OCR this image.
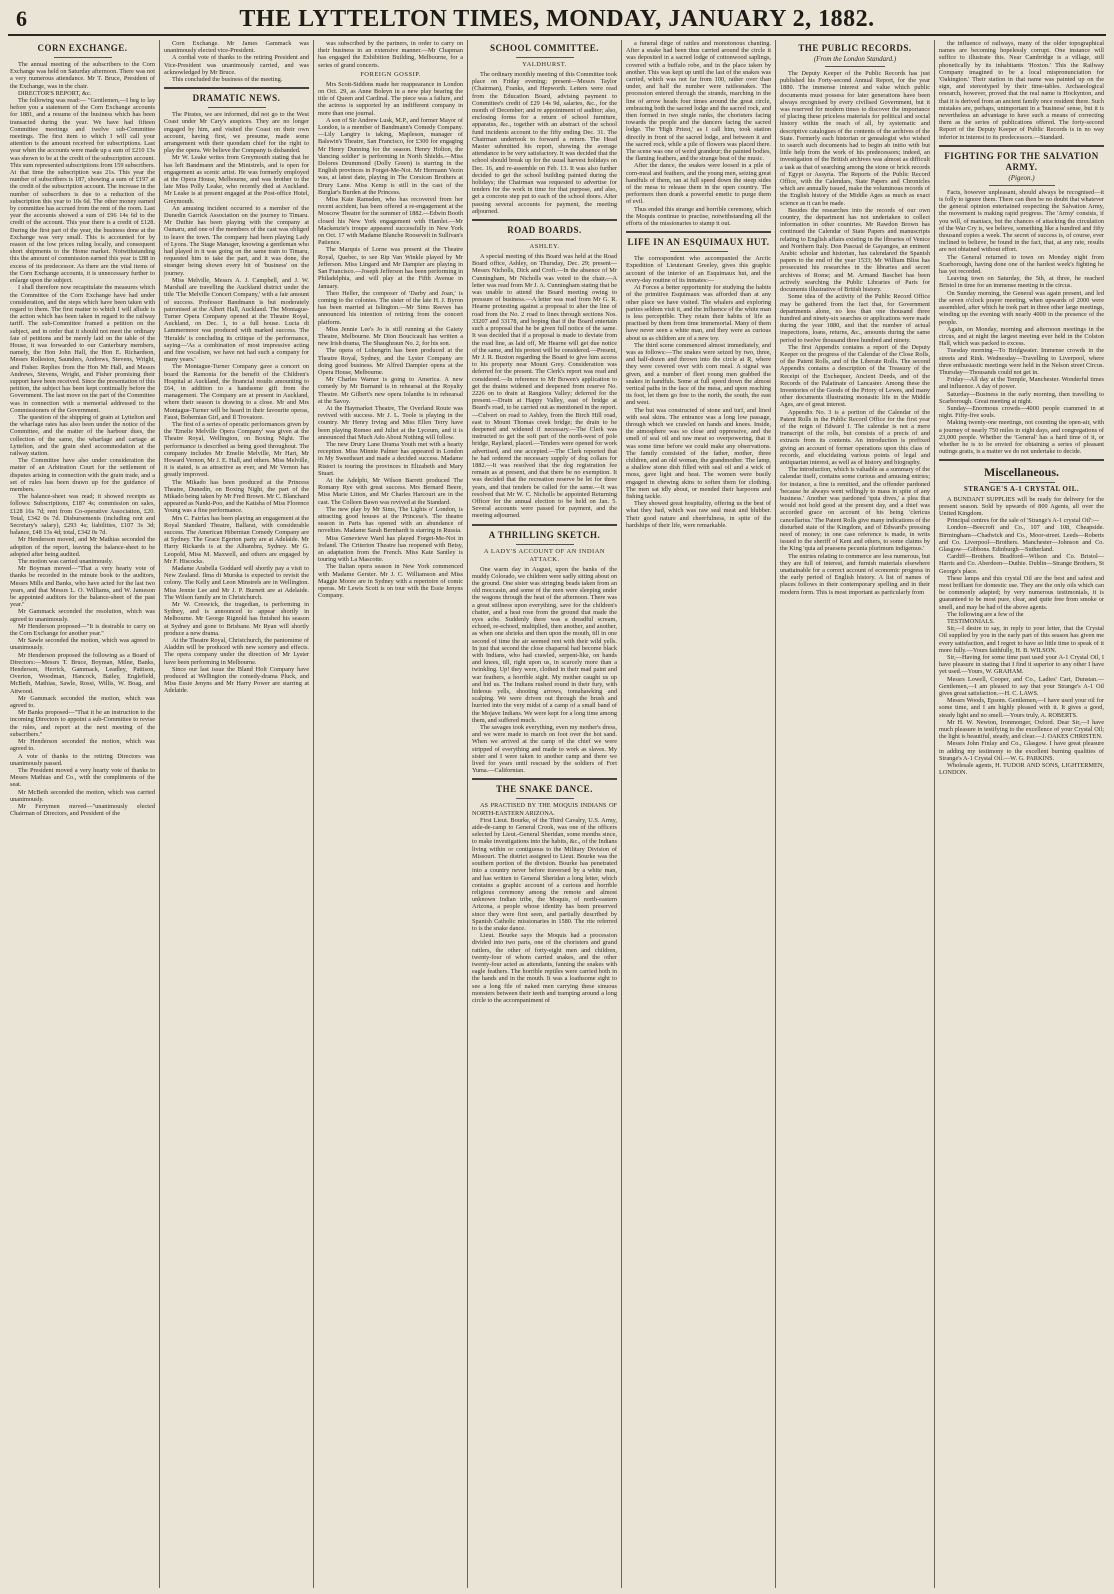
6	THE LYTTELTON TIMES, MONDAY, JANUARY 2, 1882.
CORN EXCHANGE.

The annual meeting of the subscribers to the Corn Exchange was held on Saturday afternoon. There was not a very numerous attendance. Mr T. Bruce, President of the Exchange, was in the chair.

DIRECTOR'S REPORT, &c.

The following was read:— "Gentlemen,—I beg to lay before you a statement of the Corn Exchange accounts for 1881, and a resume of the business which has been transacted during the year. We have had fifteen Committee meetings and twelve sub-Committee meetings. The first item to which I will call your attention is the amount received for subscriptions. Last year when the accounts were made up a sum of £210 13s was shown to be at the credit of the subscription account. This sum represented subscriptions from 159 subscribers. At that time the subscription was 21s. This year the number of subscribers is 187, showing a sum of £197 at the credit of the subscription account. The increase in the number of subscribers is due to a reduction of the subscription this year to 10s 6d. The other money earned by committee has accrued from the rent of the room. Last year the accounts showed a sum of £96 14s 6d to the credit of the account. This year there is a credit of £128. During the first part of the year, the business done at the Exchange was very small. This is accounted for by reason of the low prices ruling locally, and consequent short shipments to the Home market. Notwithstanding this the amount of commission earned this year is £88 in excess of its predecessor. As there are the vital items of the Corn Exchange accounts, it is unnecessary further to enlarge upon the subject.

I shall therefore now recapitulate the measures which the Committee of the Corn Exchange have had under consideration, and the steps which have been taken with regard to them. The first matter to which I will allude is the action which has been taken in regard to the railway tariff. The sub-Committee framed a petition on the subject, and in order that it should not meet the ordinary fate of petitions and be merely laid on the table of the House, it was forwarded to our Canterbury members, namely, the Hon John Hall, the Hon E. Richardson, Messrs Rolleston, Saunders, Andrews, Stevens, Wright, and Fisher. Replies from the Hon Mr Hall, and Messrs Andrews, Stevens, Wright, and Fisher promising their support have been received. Since the presentation of this petition, the subject has been kept continually before the Government. The last move on the part of the Committee was in connection with a memorial addressed to the Commissioners of the Government.

The question of the shipping of grain at Lyttelton and the wharfage rates has also been under the notice of the Committee, and the matter of the harbour dues, the collection of the same, the wharfage and cartage at Lyttelton, and the grain shed accommodation at the railway station.

The Committee have also under consideration the matter of an Arbitration Court for the settlement of disputes arising in connection with the grain trade, and a set of rules has been drawn up for the guidance of members.

The balance-sheet was read; it showed receipts as follows: Subscriptions, £187 4s; commission on sales, £128 16s 7d; rent from Co-operative Association, £20. Total, £342 0s 7d. Disbursements (including rent and Secretary's salary), £293 4s; liabilities, £107 3s 3d; balance, £48 13s 4d; total, £342 0s 7d.

Mr Henderson moved, and Mr Mathias seconded the adoption of the report, leaving the balance-sheet to be adopted after being audited.

The motion was carried unanimously.

Mr Boyman moved—"That a very hearty vote of thanks be recorded in the minute book to the auditors, Messrs Mills and Banks, who have acted for the last two years, and that Messrs L. O. Williams, and W. Jameson be appointed auditors for the balance-sheet of the past year."

Mr Gammack seconded the resolution, which was agreed to unanimously.

Mr Henderson proposed—"It is desirable to carry on the Corn Exchange for another year."

Mr Sawle seconded the motion, which was agreed to unanimously.

Mr Henderson proposed the following as a Board of Directors:—Messrs T. Bruce, Boyman, Milne, Banks, Henderson, Herrick, Gammack, Leadley, Pattison, Overton, Woodman, Hancock, Bailey, Englefield, McBeth, Mathias, Sawle, Rossi, Willis, W. Boag, and Attwood.

Mr Gammack seconded the motion, which was agreed to.

Mr Banks proposed—"That it be an instruction to the incoming Directors to appoint a sub-Committee to revise the rules, and report at the next meeting of the subscribers."

Mr Henderson seconded the motion, which was agreed to.

A vote of thanks to the retiring Directors was unanimously passed.

The President moved a very hearty vote of thanks to Messrs Mathias and Co., with the compliments of the seat.

Mr McBeth seconded the motion, which was carried unanimously.

Mr Ferrymen moved—"unanimously elected Chairman of Directors, and President of the

Corn Exchange. Mr James Gammack was unanimously elected vice-President.

A cordial vote of thanks to the retiring President and Vice-President was unanimously carried, and was acknowledged by Mr Bruce.

This concluded the business of the meeting.

DRAMATIC NEWS.

The Pirates, we are informed, did not go to the West Coast under Mr Cary's auspices. They are no longer engaged by him, and visited the Coast on their own account, having first, we presume, made some arrangement with their quondam chief for the right to play the opera. We believe the Company is disbanded.

Mr W. Leake writes from Greymouth stating that he has left Bandmann and the Ministrels, and is open for engagement as scenic artist. He was formerly employed at the Opera House, Melbourne, and was brother to the late Miss Polly Leake, who recently died at Auckland. Mr Leake is at present engaged at the Post-office Hotel, Greymouth.

An amusing incident occurred to a member of the Dunedin Garrick Association on the journey to Timaru. Mr Duthie has been playing with the company at Oamaru, and one of the members of the cast was obliged to leave the town. The company had been playing Lady of Lyons. The Stage Manager, knowing a gentleman who had played in it was going on the same train to Timaru, requested him to take the part, and it was done, the stranger being shown every bit of 'business' on the journey.

Miss Melville, Messrs A. J. Campbell, and J. W. Marshall are travelling the Auckland district under the title 'The Melville Concert Company,' with a fair amount of success. Professor Bandmann is but moderately patronised at the Albert Hall, Auckland. The Montague-Turner Opera Company opened at the Theatre Royal, Auckland, on Dec. 1, to a full house. Lucia di Lammermoor was produced with marked success. The 'Heralds' is concluding its critique of the performance, saying—'As a combination of most impressive acting and fine vocalism, we have not had such a company for many years.'

The Montague-Turner Company gave a concert on board the Ramonia for the benefit of the Children's Hospital at Auckland, the financial results amounting to £64, in addition to a handsome gift from the management. The Company are at present in Auckland, where their season is drawing to a close. Mr and Mrs Montague-Turner will be heard in their favourite operas, Faust, Bohemian Girl, and Il Trovatore.

The first of a series of operatic performances given by the 'Emelie Melville Opera Company' was given at the Theatre Royal, Wellington, on Boxing Night. The performance is described as being good throughout. The company includes Mr Emelie Melville, Mr Hart, Mr Howard Vernon, Mr J. E. Hall, and others. Miss Melville, it is stated, is as attractive as ever, and Mr Vernon has greatly improved.

The Mikado has been produced at the Princess Theatre, Dunedin, on Boxing Night, the part of the Mikado being taken by Mr Fred Brown. Mr C. Blanchard appeared as Nanki-Poo, and the Katisha of Miss Florence Young was a fine performance.

Mrs C. Fairfax has been playing an engagement at the Royal Standard Theatre, Ballarat, with considerable success. The American Hibernian Comedy Company are at Sydney. The Grace Egerton party are at Adelaide. Mr Harry Rickards is at the Alhambra, Sydney. Mr G. Leopold, Miss M. Maxwell, and others are engaged by Mr F. Hiscocks.

Madame Arabella Goddard will shortly pay a visit to New Zealand. Ilma di Murska is expected to revisit the colony. The Kelly and Leon Minstrels are in Wellington. Miss Jennie Lee and Mr J. P. Burnett are at Adelaide. The Wilson family are in Christchurch.

Mr W. Creswick, the tragedian, is performing in Sydney, and is announced to appear shortly in Melbourne. Mr George Rignold has finished his season at Sydney and gone to Brisbane. Mr Ryan will shortly produce a new drama.

At the Theatre Royal, Christchurch, the pantomime of Aladdin will be produced with new scenery and effects. The opera company under the direction of Mr Lyster have been performing in Melbourne.

Since our last issue the Bland Holt Company have produced at Wellington the comedy-drama Pluck, and Miss Essie Jenyns and Mr Harry Power are starring at Adelaide.

was subscribed by the partners, in order to carry on their business in an extensive manner.—Mr Chapman has engaged the Exhibition Building, Melbourne, for a series of grand concerts.

FOREIGN GOSSIP.

Mrs Scott-Siddons made her reappearance in London on Oct. 29, as Anne Boleyn in a new play bearing the title of Queen and Cardinal. The piece was a failure, and the actress is supported by an indifferent company in more than one journal.

A son of Sir Andrew Lusk, M.P., and former Mayor of London, is a member of Bandmann's Comedy Company.—Lily Langtry is taking, Mapleson, manager of Balswin's Theatre, San Francisco, for £300 for engaging Mr Henry Dunning for the season. Henry Holton, the 'dancing soldier' is performing in North Shields.—Miss Dolores Drummond (Dolly Green) is starring in the English provinces in Forget-Me-Not. Mr Hermann Vezin was, at latest date, playing in The Corsican Brothers at Drury Lane. Miss Kemp is still in the cast of the Burglar's Burden at the Princess.

Miss Kate Ramsden, who has recovered from her recent accident, has been offered a re-engagement at the Moscow Theatre for the summer of 1882.—Edwin Booth closed his New York engagement with Hamlet.—Mr Mackenzie's troupe appeared successfully in New York on Oct. 17 with Madame Blanche Roosevelt in Sullivan's Patience.

The Marquis of Lorne was present at the Theatre Royal, Quebec, to see Rip Van Winkle played by Mr Jefferson. Miss Lingard and Mr Dampier are playing in San Francisco.—Joseph Jefferson has been performing in Philadelphia, and will play at the Fifth Avenue in January.

Theo Heller, the composer of 'Darby and Joan,' is coming to the colonies. The sister of the late H. J. Byron has been married at Islington.—Mr Sims Reeves has announced his intention of retiring from the concert platform.

Miss Jennie Lee's Jo is still running at the Gaiety Theatre, Melbourne. Mr Dion Boucicault has written a new Irish drama, The Shaughraun No. 2, for his son.

The opera of Lohengrin has been produced at the Theatre Royal, Sydney, and the Lyster Company are doing good business. Mr Alfred Dampier opens at the Opera House, Melbourne.

Mr Charles Warner is going to America. A new comedy by Mr Burnand is in rehearsal at the Royalty Theatre. Mr Gilbert's new opera Iolanthe is in rehearsal at the Savoy.

At the Haymarket Theatre, The Overland Route was revived with success. Mr J. L. Toole is playing in the country. Mr Henry Irving and Miss Ellen Terry have been playing Romeo and Juliet at the Lyceum, and it is announced that Much Ado About Nothing will follow.

The new Drury Lane Drama Youth met with a hearty reception. Miss Minnie Palmer has appeared in London in My Sweetheart and made a decided success. Madame Ristori is touring the provinces in Elizabeth and Mary Stuart.

At the Adelphi, Mr Wilson Barrett produced The Romany Rye with great success. Mrs Bernard Beere, Miss Marie Litton, and Mr Charles Harcourt are in the cast. The Colleen Bawn was revived at the Standard.

The new play by Mr Sims, The Lights o' London, is attracting good houses at the Princess's. The theatre season in Paris has opened with an abundance of novelties. Madame Sarah Bernhardt is starring in Russia.

Miss Genevieve Ward has played Forget-Me-Not in Ireland. The Criterion Theatre has reopened with Betsy, an adaptation from the French. Miss Kate Santley is touring with La Mascotte.

The Italian opera season in New York commenced with Madame Gerster. Mr J. C. Williamson and Miss Maggie Moore are in Sydney with a repertoire of comic operas. Mr Lewis Scott is on tour with the Essie Jenyns Company.

SCHOOL COMMITTEE.

YALDHURST.

The ordinary monthly meeting of this Committee took place on Friday evening; present—Messrs Taylor (Chairman), Franks, and Hepworth. Letters were read from the Education Board, advising payment to Committee's credit of £29 14s 9d, salaries, &c., for the month of December; and re appointment of auditor; also, enclosing forms for a return of school furniture, apparatus, &c., together with an abstract of the school fund incidents account to the fifty ending Dec. 31. The Chairman undertook to forward a return. The Head Master submitted his report, showing the average attendance to be very satisfactory. It was decided that the school should break up for the usual harvest holidays on Dec. 16, and re-assemble on Feb. 13. It was also further decided to get the school building painted during the holidays; the Chairman was requested to advertise for tenders for the work in time for that purpose, and also, get a concrete step put to each of the school doors. After passing several accounts for payment, the meeting adjourned.

ROAD BOARDS.

ASHLEY.

A special meeting of this Board was held at the Road Board office, Ashley, on Thursday, Dec. 29; present—Messrs Nicholls, Dick and Croft.—In the absence of Mr Cunningham, Mr Nicholls was voted to the chair.—A letter was read from Mr J. A. Cunningham stating that he was unable to attend the Board meeting owing to pressure of business.—A letter was read from Mr G. R. Hearne protesting against a proposal to alter the line of road from the No. 2 road to lines through sections Nos. 33207 and 33178, and hoping that if the Board entertain such a proposal that he be given full notice of the same. It was decided that if a proposal is made to deviate from the road line, as laid off, Mr Hearne will get due notice of the same, and his protest will be considered.—Present, Mr J. R. Buxton regarding the Board to give him access to his property near Mount Grey. Consideration was deferred for the present. The Clerk's report was read and considered.—In reference to Mr Bowen's application to get the drains widened and deepened from reserve No. 2226 on to drain at Rangiora Valley; deferred for the present.—Drain at Happy Valley, east of bridge at Beard's road, to be carried out as mentioned in the report.—Culvert on road to Ashley, from the Birch Hill road, east to Mount Thomas creek bridge; the drain to be deepened and widened if necessary.—The Clerk was instructed to get the soft part of the north-west of pole bridge, Rayland, placed.—Tenders were opened for work advertised, and one accepted.—The Clerk reported that he had ordered the necessary supply of dog collars for 1882.—It was resolved that the dog registration fee remain as at present, and that there be no exemption. It was decided that the recreation reserve be let for three years, and that tenders be called for the same.—It was resolved that Mr W. C. Nicholls be appointed Returning Officer for the annual election to be held on Jan. 5. Several accounts were passed for payment, and the meeting adjourned.

A THRILLING SKETCH.

A LADY'S ACCOUNT OF AN INDIAN ATTACK.

One warm day in August, upon the banks of the muddy Colorado, we children were sadly sitting about on the ground. One sister was stringing beads taken from an old moccasin, and some of the men were sleeping under the wagons through the heat of the afternoon. There was a great stillness upon everything, save for the children's chatter, and a heat rose from the ground that made the eyes ache. Suddenly there was a dreadful scream, echoed, re-echoed, multiplied, then another, and another, as when one shrieks and then upon the mouth, till in one second of time the air seemed rent with their wild yells. In just that second the close chaparral had become black with Indians, who had crawled, serpent-like, on hands and knees, till, right upon us, in scarcely more than a twinkling. Up! they were, clothed in their mad paint and war feathers, a horrible sight. My mother caught us up and hid us. The Indians rushed round in their fury, with hideous yells, shooting arrows, tomahawking and scalping. We were driven out through the brush and hurried into the very midst of a camp of a small band of the Mojave Indians. We were kept for a long time among them, and suffered much.

The savages took everything, even my mother's dress, and we were made to march on foot over the hot sand. When we arrived at the camp of the chief we were stripped of everything and made to work as slaves. My sister and I were taken to another camp and there we lived for years until rescued by the soldiers of Fort Yuma.—Californian.

THE SNAKE DANCE.

AS PRACTISED BY THE MOQUIS INDIANS OF NORTH-EASTERN ARIZONA.

First Lieut. Bourke, of the Third Cavalry, U.S. Army, aide-de-camp to General Crook, was one of the officers selected by Lieut.-General Sheridan, some months since, to make investigations into the habits, &c., of the Indians living within or contiguous to the Military Division of Missouri. The district assigned to Lieut. Bourke was the southern portion of the division. Bourke has penetrated into a country never before traversed by a white man, and has written to General Sheridan a long letter, which contains a graphic account of a curious and horrible religious ceremony among the remote and almost unknown Indian tribe, the Moquis, of north-eastern Arizona, a people whose identity has been preserved since they were first seen, and partially described by Spanish Catholic missionaries in 1580. The rite referred to is the snake dance.

Lieut. Bourke says the Moquis had a procession divided into two parts, one of the choristers and grand rattlers, the other of forty-eight men and children, twenty-four of whom carried snakes, and the other twenty-four acted as attendants, fanning the snakes with eagle feathers. The horrible reptiles were carried both in the hands and in the mouth. It was a loathsome sight to see a long file of naked men carrying these sinuous monsters between their teeth and tramping around a long circle to the accompaniment of

a funeral dirge of rattles and monotonous chanting. After a snake had been thus carried around the circle it was deposited in a sacred lodge of cottonwood saplings, covered with a buffalo robe, and in the place taken by another. This was kept up until the last of the snakes was carried, which was not far from 100, rather over than under, and half the number were rattlesnakes. The procession entered through the strands, marching in the line of arrow heads four times around the great circle, embracing both the sacred lodge and the sacred rock, and then formed in two single ranks, the choristers facing towards the people and the dancers facing the sacred lodge. The 'High Priest,' as I call him, took station directly in front of the sacred lodge, and between it and the sacred rock, while a pile of flowers was placed there. The scene was one of weird grandeur; the painted bodies, the flaming feathers, and the strange beat of the music.

After the dance, the snakes were loosed in a pile of corn-meal and feathers, and the young men, seizing great handfuls of them, ran at full speed down the steep sides of the mesa to release them in the open country. The performers then drank a powerful emetic to purge them of evil.

Thus ended this strange and horrible ceremony, which the Moquis continue to practise, notwithstanding all the efforts of the missionaries to stamp it out.

LIFE IN AN ESQUIMAUX HUT.

The correspondent who accompanied the Arctic Expedition of Lieutenant Greeley, gives this graphic account of the interior of an Esquimaux hut, and the every-day routine of its inmates:—

At Forces a better opportunity for studying the habits of the primitive Esquimaux was afforded than at any other place we have visited. The whalers and exploring parties seldom visit it, and the influence of the white man is less perceptible. They retain their habits of life as practised by them from time immemorial. Many of them have never seen a white man, and they were as curious about us as children are of a new toy.

The third scene commenced almost immediately, and was as follows:—The snakes were seized by two, three, and half-dozen and thrown into the circle at R, where they were covered over with corn meal. A signal was given, and a number of fleet young men grabbed the snakes in handfuls. Some at full speed down the almost vertical paths in the face of the mesa, and upon reaching its foot, let them go free to the north, the south, the east and west.

The hut was constructed of stone and turf, and lined with seal skins. The entrance was a long low passage, through which we crawled on hands and knees. Inside, the atmosphere was so close and oppressive, and the smell of seal oil and raw meat so overpowering, that it was some time before we could make any observations. The family consisted of the father, mother, three children, and an old woman, the grandmother. The lamp, a shallow stone dish filled with seal oil and a wick of moss, gave light and heat. The women were busily engaged in chewing skins to soften them for clothing. The men sat idly about, or mended their harpoons and fishing tackle.

They showed great hospitality, offering us the best of what they had, which was raw seal meat and blubber. Their good nature and cheerfulness, in spite of the hardships of their life, were remarkable.

THE PUBLIC RECORDS.
(From the London Standard.)

The Deputy Keeper of the Public Records has just published his Forty-second Annual Report, for the year 1880. The immense interest and value which public documents must possess for later generations have been always recognised by every civilised Government, but it was reserved for modern times to discover the importance of placing these priceless materials for political and social history within the reach of all, by systematic and descriptive catalogues of the contents of the archives of the State. Formerly each historian or genealogist who wished to search such documents had to begin ab initio with but little help from the work of his predecessors; indeed, an investigation of the British archives was almost as difficult a task as that of searching among the stone or brick records of Egypt or Assyria. The Reports of the Public Record Office, with the Calendars, State Papers and Chronicles which are annually issued, make the voluminous records of the English history of the Middle Ages as much as exact science as it can be made.

Besides the researches into the records of our own country, the department has not undertaken to collect information in other countries. Mr Rawdon Brown has continued the Calendar of State Papers and manuscripts relating to English affairs existing in the libraries of Venice and Northern Italy. Don Pascual de Gayangos, an eminent Arabic scholar and historian, has calendared the Spanish papers to the end of the year 1533; Mr William Bliss has prosecuted his researches in the libraries and secret archives of Rome; and M. Armand Baschet has been actively searching the Public Libraries of Paris for documents illustrative of British history.

Some idea of the activity of the Public Record Office may be gathered from the fact that, for Government departments alone, no less than one thousand three hundred and ninety-six searches or applications were made during the year 1880, and that the number of actual inspections, loans, returns, &c., amounts during the same period to twelve thousand three hundred and ninety.

The first Appendix contains a report of the Deputy Keeper on the progress of the Calendar of the Close Rolls, of the Patent Rolls, and of the Liberate Rolls. The second Appendix contains a description of the Treasury of the Receipt of the Exchequer, Ancient Deeds, and of the Records of the Palatinate of Lancaster. Among these the Inventories of the Goods of the Priory of Lewes, and many other documents illustrating monastic life in the Middle Ages, are of great interest.

Appendix No. 3 is a portion of the Calendar of the Patent Rolls in the Public Record Office for the first year of the reign of Edward I. The calendar is not a mere transcript of the rolls, but consists of a precis of and extracts from its contents. An introduction is prefixed giving an account of former operations upon this class of records, and elucidating various points of legal and antiquarian interest, as well as of history and biography.

The introduction, which is valuable as a summary of the calendar itself, contains some curious and amusing entries; for instance, a fine is remitted, and the offender pardoned 'because he always went willingly to mass in spite of any business.' Another was pardoned 'quia dives,' a plea that would not hold good at the present day, and a thief was accorded grace on account of his being 'clericus cancellarius.' The Patent Rolls give many indications of the disturbed state of the Kingdom, and of Edward's pressing need of money; in one case reference is made, in writs issued to the sheriff of Kent and others, to some claims by the King 'quia ad praesens pecunia plurimum indigemus.'

The entries relating to commerce are less numerous, but they are full of interest, and furnish materials elsewhere unattainable for a correct account of economic progress in the early period of English history. A list of names of places follows in their contemporary spelling and in their modern form. This is most important as particularly from

the influence of railways, many of the older topographical names are becoming hopelessly corrupt. One instance will suffice to illustrate this. Near Cambridge is a village, still phonetically by its inhabitants 'Hoxton.' This the Railway Company imagined to be a local mispronunciation for 'Oakington.' Their station in that name was painted up on the sign, and stereotyped by their time-tables. Archaeological research, however, proved that the real name is Hockynton, and that it is derived from an ancient family once resident there. Such mistakes are, perhaps, unimportant in a 'business' sense, but it is nevertheless an advantage to have such a means of correcting them as the series of publications offered. The forty-second Report of the Deputy Keeper of Public Records is in no way inferior in interest to its predecessors.—Standard.

FIGHTING FOR THE SALVATION ARMY.
(Pigeon.)

Facts, however unpleasant, should always be recognised—it is folly to ignore them. There can then be no doubt that whatever the general opinion entertained respecting the Salvation Army, the movement is making rapid progress. The 'Army' consists, if you will, of maniacs, but the chances of attacking the circulation of the War Cry is, we believe, something like a hundred and fifty thousand copies a week. The secret of success is, of course, ever inclined to believe, be found in the fact, that, at any rate, results are not obtained without effort.

The General returned to town on Monday night from Scarborough, having done one of the hardest week's fighting he has yet recorded.

Leaving town on Saturday, the 5th, at three, he reached Bristol in time for an immense meeting in the circus.

On Sunday morning, the General was again present, and led the seven o'clock prayer meeting, when upwards of 2000 were assembled, after which he took part in three other large meetings, winding up the evening with nearly 4000 in the presence of the people.

Again, on Monday, morning and afternoon meetings in the circus, and at night the largest meeting ever held in the Colston Hall, which was packed to excess.

Tuesday morning—To Bridgwater. Immense crowds in the streets and Rink. Wednesday—Travelling to Liverpool, where three enthusiastic meetings were held in the Nelson street Circus. Thursday—Thousands could not get in.

Friday—All day at the Temple, Manchester. Wonderful times and influence. A day of power.

Saturday—Business in the early morning, then travelling to Scarborough. Great meeting at night.

Sunday—Enormous crowds—4000 people crammed in at night. Fifty-five souls.

Making twenty-one meetings, not counting the open-air, with a journey of nearly 750 miles in eight days, and congregations of 23,000 people. Whether the 'General' has a hard time of it, or whether he is to be envied for obtaining a series of pleasant outings gratis, is a matter we do not undertake to decide.

Miscellaneous.
STRANGE'S A-1 CRYSTAL OIL.

A BUNDANT SUPPLIES will be ready for delivery for the present season. Sold by upwards of 800 Agents, all over the United Kingdom.

Principal centres for the sale of 'Strange's A-1 crystal Oil':—

London—Beecroft and Co., 107 and 108, Cheapside. Birmingham—Chadwick and Co., Moor-street. Leeds—Roberts and Co. Liverpool—Brothers. Manchester—Johnson and Co. Glasgow—Gibbons. Edinburgh—Sutherland.

Cardiff—Brothers. Bradford—Wilson and Co. Bristol—Harris and Co. Aberdeen—Duthie. Dublin—Strange Brothers, St George's place.

These lamps and this crystal Oil are the best and safest and most brilliant for domestic use. They are the only oils which can be commonly adapted; by very numerous testimonials, it is guaranteed to be most pure, clear, and quite free from smoke or smell, and may be had of the above agents.

The following are a few of the

TESTIMONIALS.

Sir,—I desire to say, in reply to your letter, that the Crystal Oil supplied by you in the early part of this season has given me every satisfaction, and I regret to have so little time to speak of it more fully.—Yours faithfully, H. B. WILSON.

Sir,—Having for some time past used your A-1 Crystal Oil, I have pleasure in stating that I find it superior to any other I have yet used.—Yours, W. GRAHAM.

Messrs Lowell, Cooper, and Co., Ladies' Cart, Dunstan.—Gentlemen,—I am pleased to say that your Strange's A-1 Oil gives great satisfaction.—H. C. LAWS.

Messrs Woods, Epsom. Gentlemen,—I have used your oil for some time, and I am highly pleased with it. It gives a good, steady light and no smell.—Yours truly, A. ROBERTS.

Mr H. W. Newton, Ironmonger, Oxford. Dear Sir,—I have much pleasure in testifying to the excellence of your Crystal Oil; the light is beautiful, steady, and clear.—J. OAKES CHRISTEN.

Messrs John Finlay and Co., Glasgow. I have great pleasure in adding my testimony to the excellent burning qualities of Strange's A-1 Crystal Oil.—W. G. PARKINS.

Wholesale agents, H. TUDOR AND SONS, LIGHTERMEN, LONDON.
